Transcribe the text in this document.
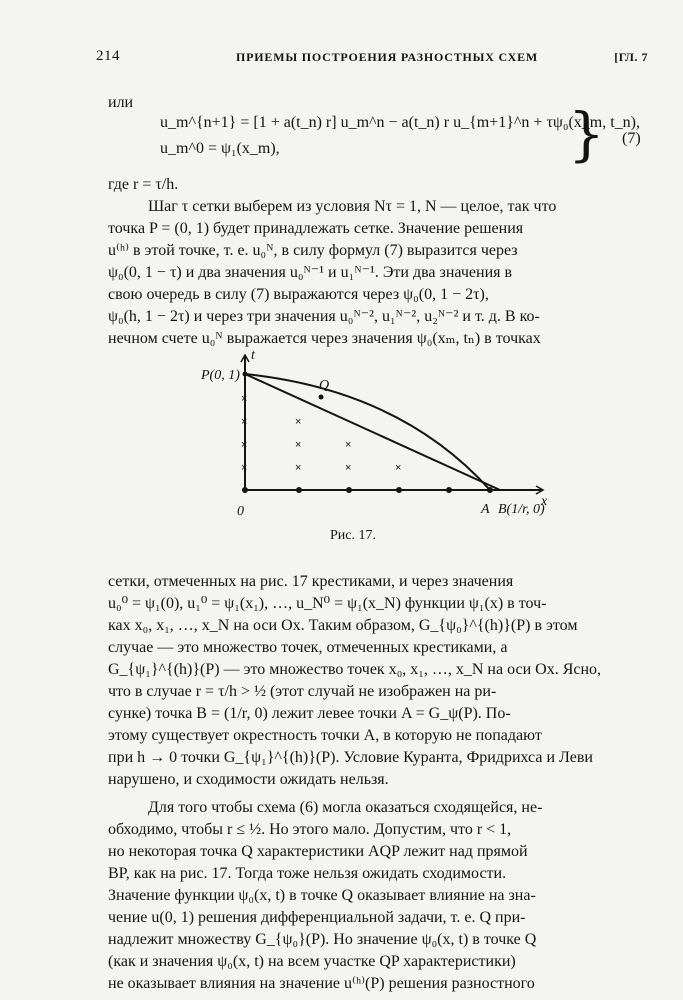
214	ПРИЕМЫ ПОСТРОЕНИЯ РАЗНОСТНЫХ СХЕМ	[ГЛ. 7
или
u_m^{n+1} = [1 + a(t_n) r] u_m^n − a(t_n) r u_{m+1}^n + τψ₀(x_m, t_n),
u_m^0 = ψ₁(x_m),	} (7)
где r = τ/h.
Шаг τ сетки выберем из условия Nτ = 1, N — целое, так что
точка P = (0, 1) будет принадлежать сетке. Значение решения
u⁽ʰ⁾ в этой точке, т. е. u₀ᴺ, в силу формул (7) выразится через
ψ₀(0, 1 − τ) и два значения u₀ᴺ⁻¹ и u₁ᴺ⁻¹. Эти два значения в
свою очередь в силу (7) выражаются через ψ₀(0, 1 − 2τ),
ψ₀(h, 1 − 2τ) и через три значения u₀ᴺ⁻², u₁ᴺ⁻², u₂ᴺ⁻² и т. д. В ко-
нечном счете u₀ᴺ выражается через значения ψ₀(xₘ, tₙ) в точках
×
×
×
×
×
×
×
×
×	×
t
x
P(0, 1)
Q
0	A B(1/r, 0)
Рис. 17.
сетки, отмеченных на рис. 17 крестиками, и через значения
u₀⁰ = ψ₁(0), u₁⁰ = ψ₁(x₁), …, u_N⁰ = ψ₁(x_N) функции ψ₁(x) в точ-
ках x₀, x₁, …, x_N на оси Ox. Таким образом, G_{ψ₀}^{(h)}(P) в этом
случае — это множество точек, отмеченных крестиками, а
G_{ψ₁}^{(h)}(P) — это множество точек x₀, x₁, …, x_N на оси Ox. Ясно,
что в случае r = τ/h > ½ (этот случай не изображен на ри-
сунке) точка B = (1/r, 0) лежит левее точки A = G_ψ(P). По-
этому существует окрестность точки A, в которую не попадают
при h → 0 точки G_{ψ₁}^{(h)}(P). Условие Куранта, Фридрихса и Леви
нарушено, и сходимости ожидать нельзя.
Для того чтобы схема (6) могла оказаться сходящейся, не-
обходимо, чтобы r ≤ ½. Но этого мало. Допустим, что r < 1,
но некоторая точка Q характеристики AQP лежит над прямой
BP, как на рис. 17. Тогда тоже нельзя ожидать сходимости.
Значение функции ψ₀(x, t) в точке Q оказывает влияние на зна-
чение u(0, 1) решения дифференциальной задачи, т. е. Q при-
надлежит множеству G_{ψ₀}(P). Но значение ψ₀(x, t) в точке Q
(как и значения ψ₀(x, t) на всем участке QP характеристики)
не оказывает влияния на значение u⁽ʰ⁾(P) решения разностного
